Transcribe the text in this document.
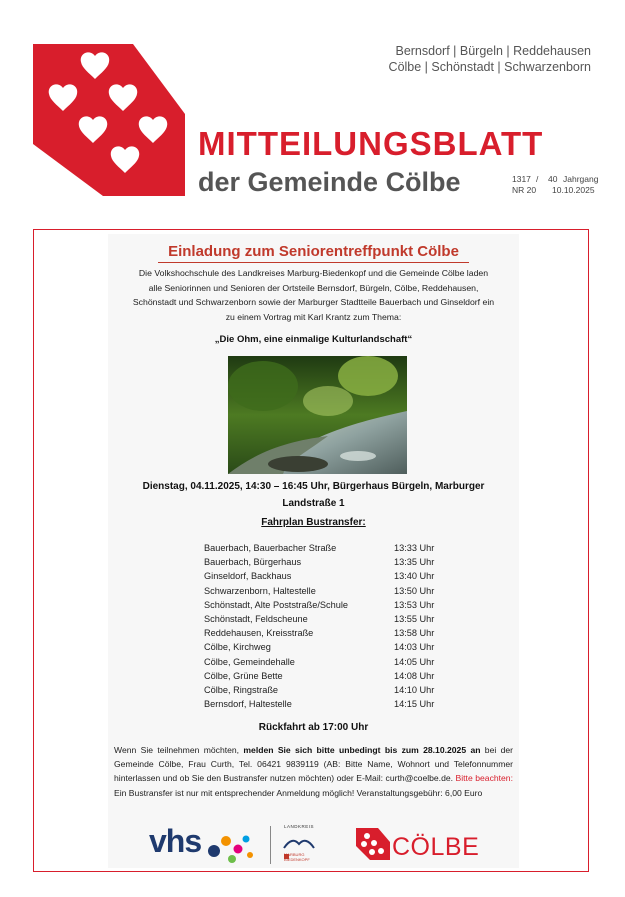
Bernsdorf | Bürgeln | Reddehausen
Cölbe | Schönstadt | Schwarzenborn
MITTEILUNGSBLATT
der Gemeinde Cölbe	1317 / 40 Jahrgang
NR 20 10.10.2025
Einladung zum Seniorentreffpunkt Cölbe
Die Volkshochschule des Landkreises Marburg-Biedenkopf und die Gemeinde Cölbe laden
alle Seniorinnen und Senioren der Ortsteile Bernsdorf, Bürgeln, Cölbe, Reddehausen,
Schönstadt und Schwarzenborn sowie der Marburger Stadtteile Bauerbach und Ginseldorf ein
zu einem Vortrag mit Karl Krantz zum Thema:
„Die Ohm, eine einmalige Kulturlandschaft“
Dienstag, 04.11.2025, 14:30 – 16:45 Uhr, Bürgerhaus Bürgeln, Marburger
Landstraße 1
Fahrplan Bustransfer:
Bauerbach, Bauerbacher Straße	13:33 Uhr
Bauerbach, Bürgerhaus	13:35 Uhr
Ginseldorf, Backhaus	13:40 Uhr
Schwarzenborn, Haltestelle	13:50 Uhr
Schönstadt, Alte Poststraße/Schule	13:53 Uhr
Schönstadt, Feldscheune	13:55 Uhr
Reddehausen, Kreisstraße	13:58 Uhr
Cölbe, Kirchweg	14:03 Uhr
Cölbe, Gemeindehalle	14:05 Uhr
Cölbe, Grüne Bette	14:08 Uhr
Cölbe, Ringstraße	14:10 Uhr
Bernsdorf, Haltestelle	14:15 Uhr
Rückfahrt ab 17:00 Uhr
Wenn Sie teilnehmen möchten, melden Sie sich bitte unbedingt bis zum 28.10.2025 an bei der Gemeinde Cölbe, Frau Curth, Tel. 06421 9839119 (AB: Bitte Name, Wohnort und Telefonnummer hinterlassen und ob Sie den Bustransfer nutzen möchten) oder E-Mail: curth@coelbe.de. Bitte beachten: Ein Bustransfer ist nur mit entsprechender Anmeldung möglich! Veranstaltungsgebühr: 6,00 Euro
vhs	LANDKREIS
MARBURG
BIEDENKOPF	CÖLBE
